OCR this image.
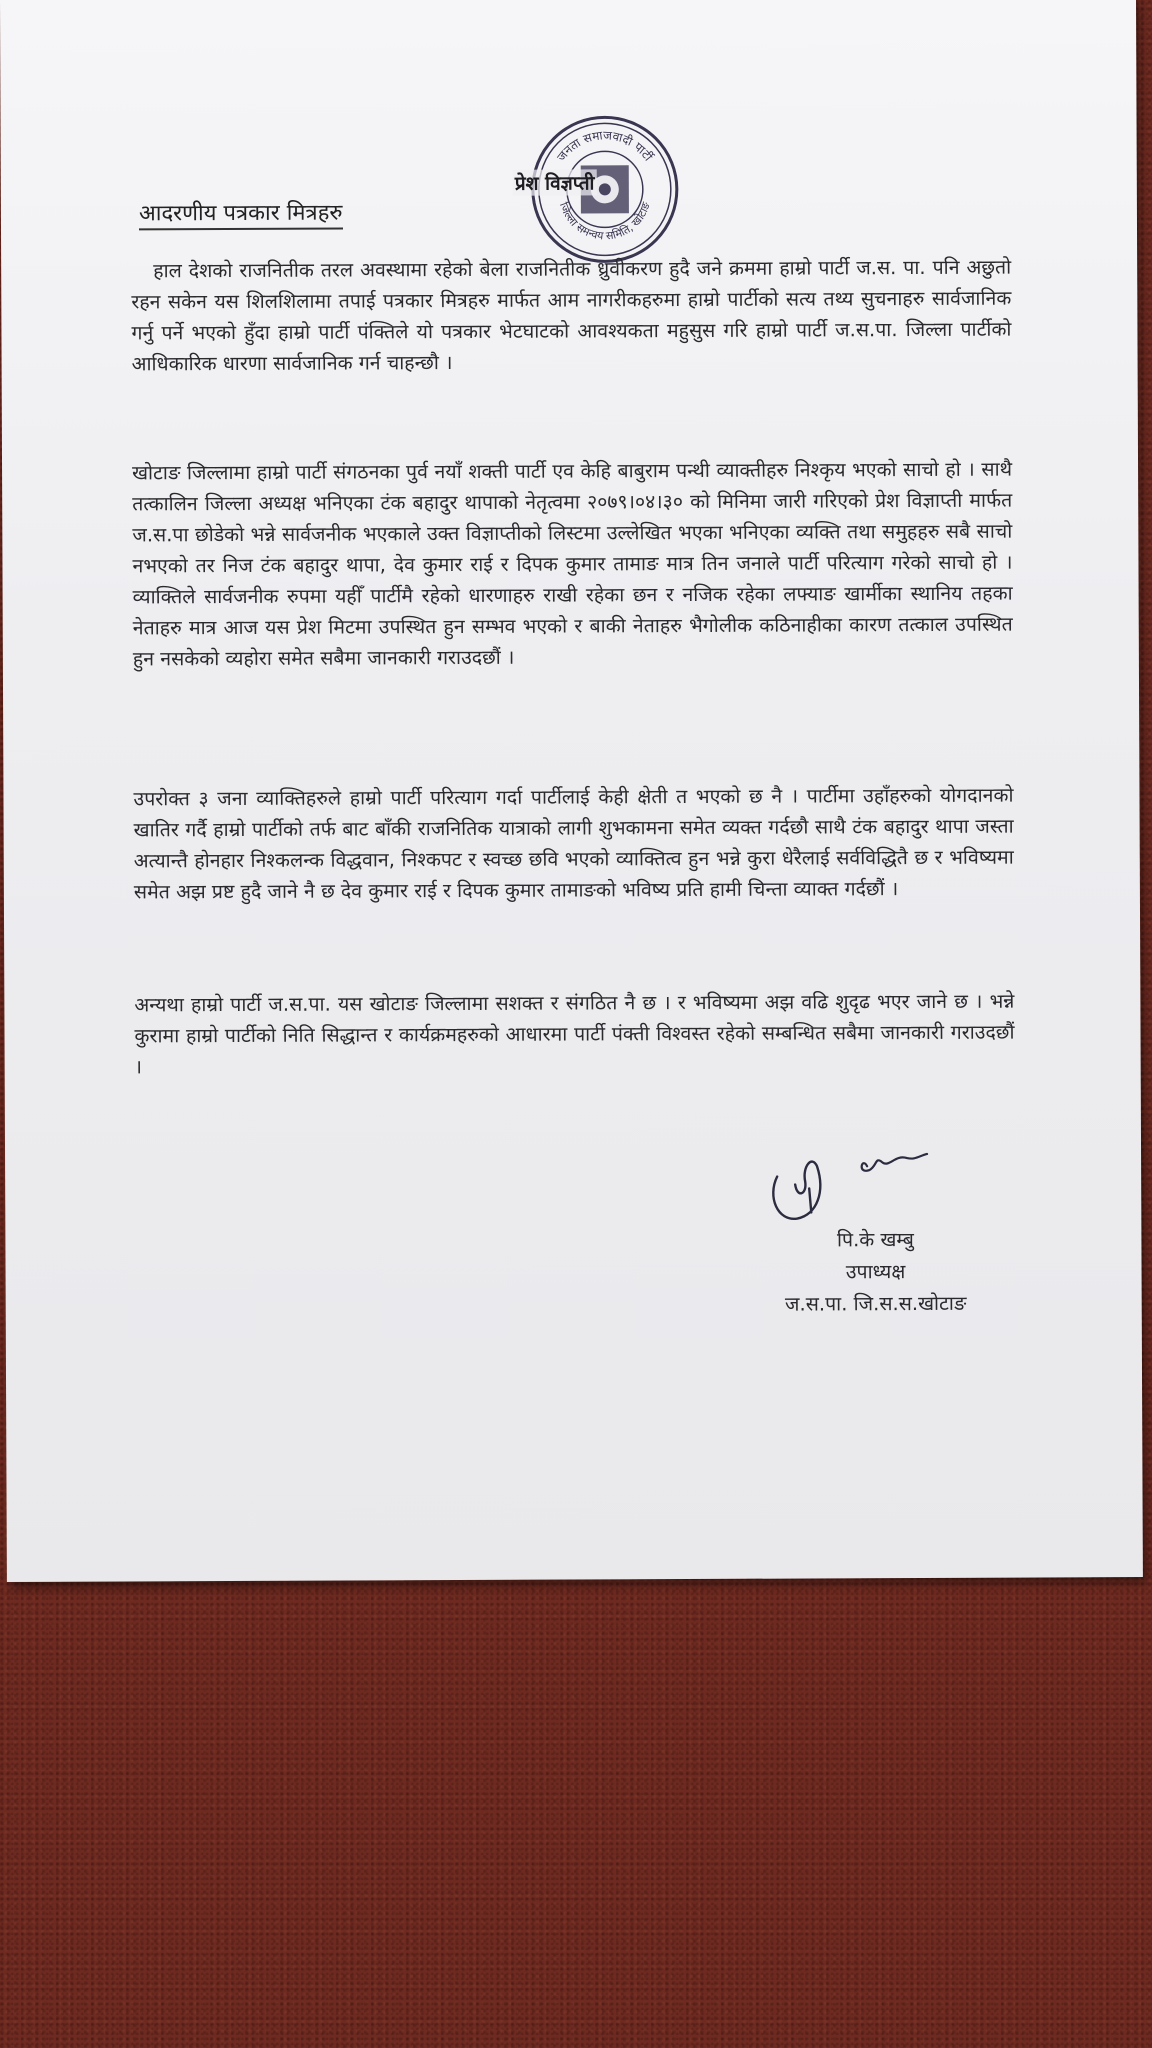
जनता समाजवादी पार्टी
जिल्ला समन्वय समिति, खोटाङ
प्रेश विज्ञप्ती
आदरणीय पत्रकार मित्रहरु

हाल देशको राजनितीक तरल अवस्थामा रहेको बेला राजनितीक ध्रुवीकरण हुदै जने क्रममा हाम्रो पार्टी ज.स. पा. पनि अछुतो रहन सकेन यस शिलशिलामा तपाई पत्रकार मित्रहरु मार्फत आम नागरीकहरुमा हाम्रो पार्टीको सत्य तथ्य सुचनाहरु सार्वजानिक गर्नु पर्ने भएको हुँदा हाम्रो पार्टी पंक्तिले यो पत्रकार भेटघाटको आवश्यकता महुसुस गरि हाम्रो पार्टी ज.स.पा. जिल्ला पार्टीको आधिकारिक धारणा सार्वजानिक गर्न चाहन्छौ ।

खोटाङ जिल्लामा हाम्रो पार्टी संगठनका पुर्व नयाँ शक्ती पार्टी एव केहि बाबुराम पन्थी व्याक्तीहरु निश्कृय भएको साचो हो । साथै तत्कालिन जिल्ला अध्यक्ष भनिएका टंक बहादुर थापाको नेतृत्वमा २०७९।०४।३० को मिनिमा जारी गरिएको प्रेश विज्ञाप्ती मार्फत ज.स.पा छोडेको भन्ने सार्वजनीक भएकाले उक्त विज्ञाप्तीको लिस्टमा उल्लेखित भएका भनिएका व्यक्ति तथा समुहहरु सबै साचो नभएको तर निज टंक बहादुर थापा, देव कुमार राई र दिपक कुमार तामाङ मात्र तिन जनाले पार्टी परित्याग गरेको साचो हो । व्याक्तिले सार्वजनीक रुपमा यहीँ पार्टीमै रहेको धारणाहरु राखी रहेका छन र नजिक रहेका लफ्याङ खार्मीका स्थानिय तहका नेताहरु मात्र आज यस प्रेश मिटमा उपस्थित हुन सम्भव भएको र बाकी नेताहरु भैगोलीक कठिनाहीका कारण तत्काल उपस्थित हुन नसकेको व्यहोरा समेत सबैमा जानकारी गराउदछौं ।

उपरोक्त ३ जना व्याक्तिहरुले हाम्रो पार्टी परित्याग गर्दा पार्टीलाई केही क्षेती त भएको छ नै । पार्टीमा उहाँहरुको योगदानको खातिर गर्दै हाम्रो पार्टीको तर्फ बाट बाँकी राजनितिक यात्राको लागी शुभकामना समेत व्यक्त गर्दछौ साथै टंक बहादुर थापा जस्ता अत्यान्तै होनहार निश्कलन्क विद्धवान, निश्कपट र स्वच्छ छवि भएको व्याक्तित्व हुन भन्ने कुरा धेरैलाई सर्वविद्धितै छ र भविष्यमा समेत अझ प्रष्ट हुदै जाने नै छ देव कुमार राई र दिपक कुमार तामाङको भविष्य प्रति हामी चिन्ता व्याक्त गर्दछौं ।

अन्यथा हाम्रो पार्टी ज.स.पा. यस खोटाङ जिल्लामा सशक्त र संगठित नै छ । र भविष्यमा अझ वढि शुदृढ भएर जाने छ । भन्ने कुरामा हाम्रो पार्टीको निति सिद्धान्त र कार्यक्रमहरुको आधारमा पार्टी पंक्ती विश्वस्त रहेको सम्बन्धित सबैमा जानकारी गराउदछौं ।

पि.के खम्बु
उपाध्यक्ष
ज.स.पा. जि.स.स.खोटाङ
